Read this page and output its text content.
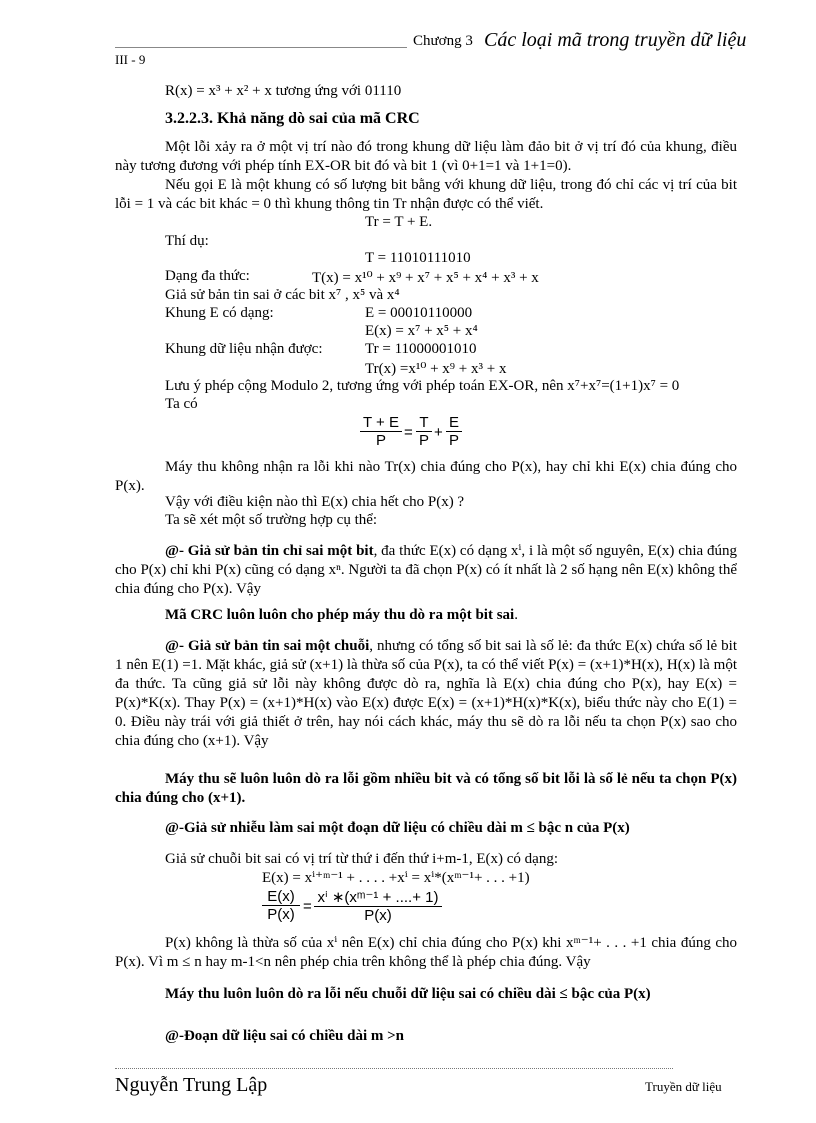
Chương 3 Các loại mã trong truyền dữ liệu
III - 9
R(x) = x³ + x² + x tương ứng với 01110
3.2.2.3. Khả năng dò sai của mã CRC
Một lỗi xảy ra ở một vị trí nào đó trong khung dữ liệu làm đảo bit ở vị trí đó của khung, điều này tương đương với phép tính EX-OR bit đó và bit 1 (vì 0+1=1 và 1+1=0).
Nếu gọi E là một khung có số lượng bit bằng với khung dữ liệu, trong đó chỉ các vị trí của bit lỗi = 1 và các bit khác = 0 thì khung thông tin Tr nhận được có thể viết.
Tr = T + E.
Thí dụ:
T = 11010111010
Dạng đa thức:	T(x) = x¹⁰ + x⁹ + x⁷ + x⁵ + x⁴ + x³ + x
Giả sử bản tin sai ở các bit x⁷ , x⁵ và x⁴
Khung E có dạng:	E = 00010110000
E(x) = x⁷ + x⁵ + x⁴
Khung dữ liệu nhận được:	Tr = 11000001010
Tr(x) =x¹⁰ + x⁹ + x³ + x
Lưu ý phép cộng Modulo 2, tương ứng với phép toán EX-OR, nên x⁷+x⁷=(1+1)x⁷ = 0
Ta có
$\frac{T + E}{P} = \frac{T}{P} + \frac{E}{P}$
Máy thu không nhận ra lỗi khi nào Tr(x) chia đúng cho P(x), hay chỉ khi E(x) chia đúng cho P(x).
Vậy với điều kiện nào thì E(x) chia hết cho P(x) ?
Ta sẽ xét một số trường hợp cụ thể:
@- Giả sử bản tin chỉ sai một bit, đa thức E(x) có dạng xⁱ, i là một số nguyên, E(x) chia đúng cho P(x) chỉ khi P(x) cũng có dạng xⁿ. Người ta đã chọn P(x) có ít nhất là 2 số hạng nên E(x) không thể chia đúng cho P(x). Vậy
Mã CRC luôn luôn cho phép máy thu dò ra một bit sai.
@- Giả sử bản tin sai một chuỗi, nhưng có tổng số bit sai là số lẻ: đa thức E(x) chứa số lẻ bit 1 nên E(1) =1. Mặt khác, giả sử (x+1) là thừa số của P(x), ta có thể viết P(x) = (x+1)*H(x), H(x) là một đa thức. Ta cũng giả sử lỗi này không được dò ra, nghĩa là E(x) chia đúng cho P(x), hay E(x) = P(x)*K(x). Thay P(x) = (x+1)*H(x) vào E(x) được E(x) = (x+1)*H(x)*K(x), biểu thức này cho E(1) = 0. Điều này trái với giả thiết ở trên, hay nói cách khác, máy thu sẽ dò ra lỗi nếu ta chọn P(x) sao cho chia đúng cho (x+1). Vậy
Máy thu sẽ luôn luôn dò ra lỗi gồm nhiều bit và có tổng số bit lỗi là số lẻ nếu ta chọn P(x) chia đúng cho (x+1).
@-Giả sử nhiễu làm sai một đoạn dữ liệu có chiều dài m ≤ bậc n của P(x)
Giả sử chuỗi bit sai có vị trí từ thứ i đến thứ i+m-1, E(x) có dạng:
E(x) = xⁱ⁺ᵐ⁻¹ + . . . . +xⁱ = xⁱ*(xᵐ⁻¹+ . . . +1)
$\frac{E(x)}{P(x)} = \frac{\text{xⁱ ∗(xᵐ⁻¹ + ....+ 1)}}{P(x)}$
P(x) không là thừa số của xⁱ nên E(x) chỉ chia đúng cho P(x) khi xᵐ⁻¹+ . . . +1 chia đúng cho P(x). Vì m ≤ n hay m-1<n nên phép chia trên không thể là phép chia đúng. Vậy
Máy thu luôn luôn dò ra lỗi nếu chuỗi dữ liệu sai có chiều dài ≤ bậc của P(x)
@-Đoạn dữ liệu sai có chiều dài m >n
Nguyễn Trung Lập	Truyền dữ liệu
